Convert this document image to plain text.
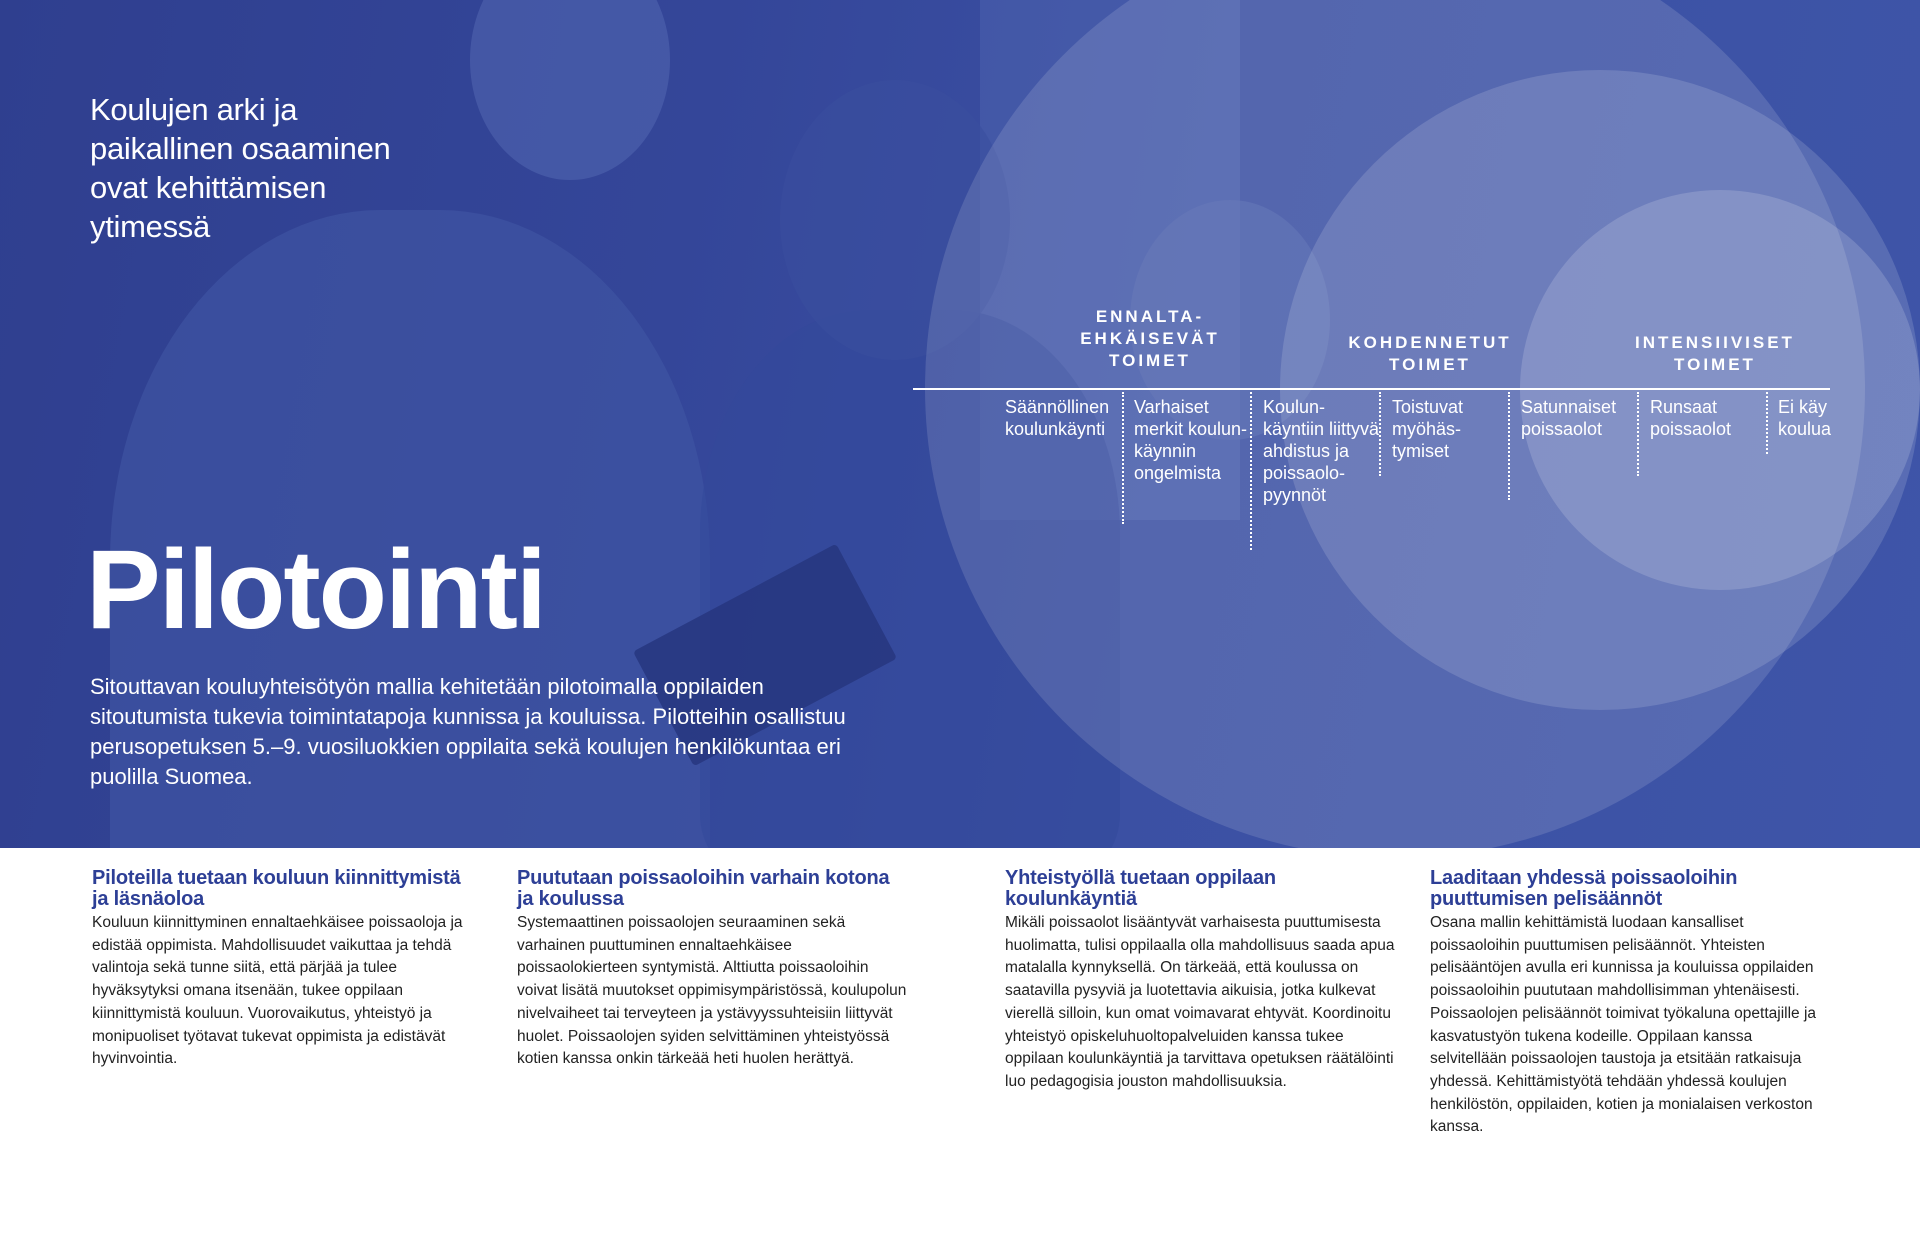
Koulujen arki ja paikallinen osaaminen ovat kehittämisen ytimessä
Pilotointi
Sitouttavan kouluyhteisötyön mallia kehitetään pilotoimalla oppilaiden sitoutumista tukevia toimintatapoja kunnissa ja kouluissa. Pilotteihin osallistuu perusopetuksen 5.–9. vuosiluokkien oppilaita sekä koulujen henkilökuntaa eri puolilla Suomea.
ENNALTA-EHKÄISEVÄT TOIMET
KOHDENNETUT TOIMET
INTENSIIVISET TOIMET
Säännöllinen koulunkäynti
Varhaiset merkit koulun-käynnin ongelmista
Koulun-käyntiin liittyvä ahdistus ja poissaolo-pyynnöt
Toistuvat myöhäs-tymiset
Satunnaiset poissaolot
Runsaat poissaolot
Ei käy koulua
Piloteilla tuetaan kouluun kiinnittymistä ja läsnäoloa

Kouluun kiinnittyminen ennaltaehkäisee poissaoloja ja edistää oppimista. Mahdollisuudet vaikuttaa ja tehdä valintoja sekä tunne siitä, että pärjää ja tulee hyväksytyksi omana itsenään, tukee oppilaan kiinnittymistä kouluun. Vuorovaikutus, yhteistyö ja monipuoliset työtavat tukevat oppimista ja edistävät hyvinvointia.

Puututaan poissaoloihin varhain kotona ja koulussa

Systemaattinen poissaolojen seuraaminen sekä varhainen puuttuminen ennaltaehkäisee poissaolokierteen syntymistä. Alttiutta poissaoloihin voivat lisätä muutokset oppimisympäristössä, koulupolun nivelvaiheet tai terveyteen ja ystävyyssuhteisiin liittyvät huolet. Poissaolojen syiden selvittäminen yhteistyössä kotien kanssa onkin tärkeää heti huolen herättyä.

Yhteistyöllä tuetaan oppilaan koulunkäyntiä

Mikäli poissaolot lisääntyvät varhaisesta puuttumisesta huolimatta, tulisi oppilaalla olla mahdollisuus saada apua matalalla kynnyksellä. On tärkeää, että koulussa on saatavilla pysyviä ja luotettavia aikuisia, jotka kulkevat vierellä silloin, kun omat voimavarat ehtyvät. Koordinoitu yhteistyö opiskeluhuoltopalveluiden kanssa tukee oppilaan koulunkäyntiä ja tarvittava opetuksen räätälöinti luo pedagogisia jouston mahdollisuuksia.

Laaditaan yhdessä poissaoloihin puuttumisen pelisäännöt

Osana mallin kehittämistä luodaan kansalliset poissaoloihin puuttumisen pelisäännöt. Yhteisten pelisääntöjen avulla eri kunnissa ja kouluissa oppilaiden poissaoloihin puututaan mahdollisimman yhtenäisesti. Poissaolojen pelisäännöt toimivat työkaluna opettajille ja kasvatustyön tukena kodeille. Oppilaan kanssa selvitellään poissaolojen taustoja ja etsitään ratkaisuja yhdessä. Kehittämistyötä tehdään yhdessä koulujen henkilöstön, oppilaiden, kotien ja monialaisen verkoston kanssa.
